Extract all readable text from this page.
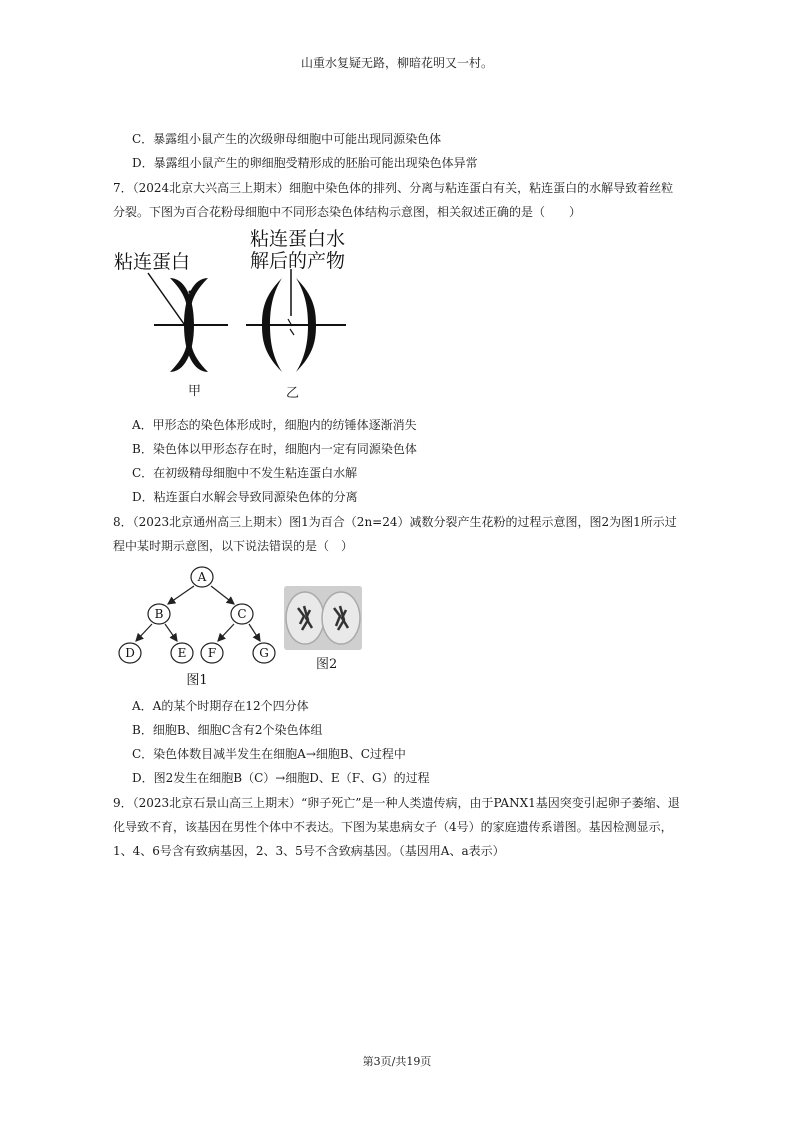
山重水复疑无路，柳暗花明又一村。
C．暴露组小鼠产生的次级卵母细胞中可能出现同源染色体
D．暴露组小鼠产生的卵细胞受精形成的胚胎可能出现染色体异常
7．（2024北京大兴高三上期末）细胞中染色体的排列、分离与粘连蛋白有关，粘连蛋白的水解导致着丝粒
分裂。下图为百合花粉母细胞中不同形态染色体结构示意图，相关叙述正确的是（　　）
粘连蛋白
粘连蛋白水
解后的产物
甲	乙
A．甲形态的染色体形成时，细胞内的纺锤体逐渐消失
B．染色体以甲形态存在时，细胞内一定有同源染色体
C．在初级精母细胞中不发生粘连蛋白水解
D．粘连蛋白水解会导致同源染色体的分离
8．（2023北京通州高三上期末）图1为百合（2n=24）减数分裂产生花粉的过程示意图，图2为图1所示过
程中某时期示意图，以下说法错误的是（　）
A
B	C
D	E F	G
图1
图2
A．A的某个时期存在12个四分体
B．细胞B、细胞C含有2个染色体组
C．染色体数目减半发生在细胞A→细胞B、C过程中
D．图2发生在细胞B（C）→细胞D、E（F、G）的过程
9．（2023北京石景山高三上期末）“卵子死亡”是一种人类遗传病，由于PANX1基因突变引起卵子萎缩、退
化导致不育，该基因在男性个体中不表达。下图为某患病女子（4号）的家庭遗传系谱图。基因检测显示，
1、4、6号含有致病基因，2、3、5号不含致病基因。（基因用A、a表示）
第3页/共19页
